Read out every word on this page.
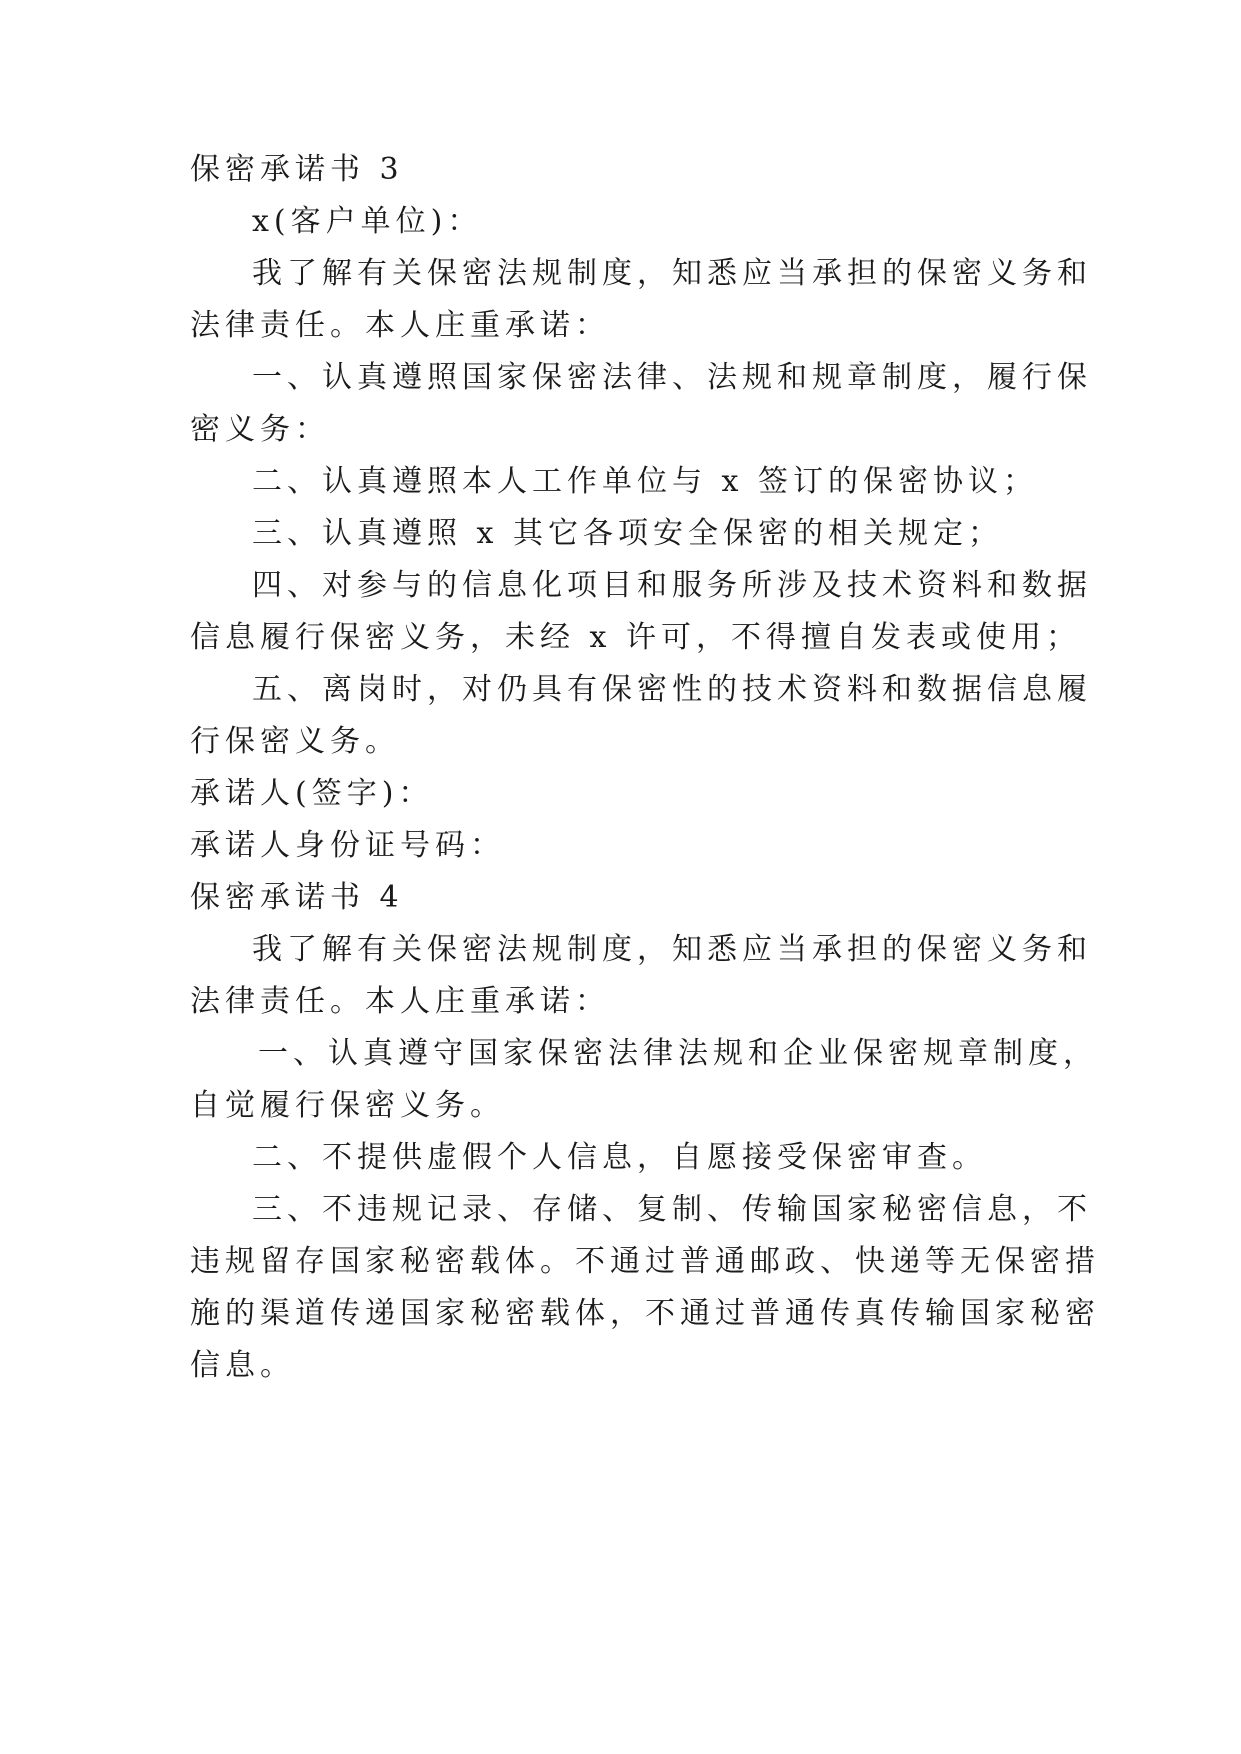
保密承诺书 3
x(客户单位)：
我了解有关保密法规制度，知悉应当承担的保密义务和
法律责任。本人庄重承诺：
一、认真遵照国家保密法律、法规和规章制度，履行保
密义务：
二、认真遵照本人工作单位与 x 签订的保密协议；
三、认真遵照 x 其它各项安全保密的相关规定；
四、对参与的信息化项目和服务所涉及技术资料和数据
信息履行保密义务，未经 x 许可，不得擅自发表或使用；
五、离岗时，对仍具有保密性的技术资料和数据信息履
行保密义务。
承诺人(签字)：
承诺人身份证号码：
保密承诺书 4
我了解有关保密法规制度，知悉应当承担的保密义务和
法律责任。本人庄重承诺：
一、认真遵守国家保密法律法规和企业保密规章制度，
自觉履行保密义务。
二、不提供虚假个人信息，自愿接受保密审查。
三、不违规记录、存储、复制、传输国家秘密信息，不
违规留存国家秘密载体。不通过普通邮政、快递等无保密措
施的渠道传递国家秘密载体，不通过普通传真传输国家秘密
信息。
